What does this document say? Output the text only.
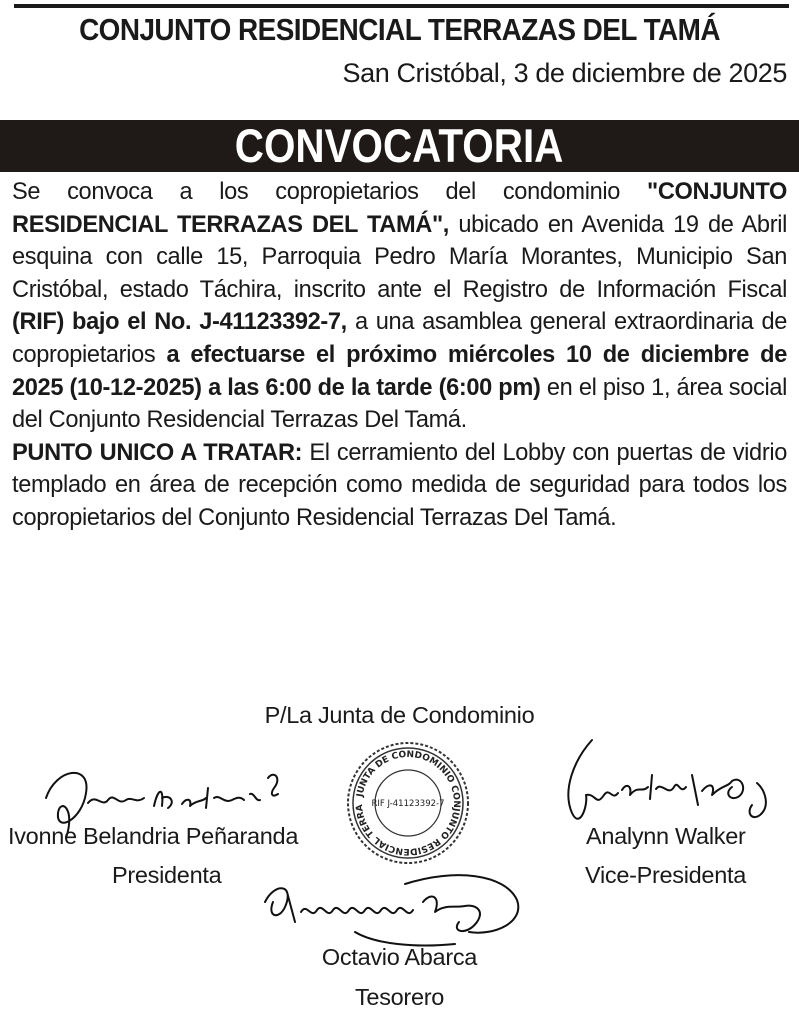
CONJUNTO RESIDENCIAL TERRAZAS DEL TAMÁ
San Cristóbal, 3 de diciembre de 2025
CONVOCATORIA

Se convoca a los copropietarios del condominio "CONJUNTO RESIDENCIAL TERRAZAS DEL TAMÁ", ubicado en Avenida 19 de Abril esquina con calle 15, Parroquia Pedro María Morantes, Municipio San Cristóbal, estado Táchira, inscrito ante el Registro de Información Fiscal (RIF) bajo el No. J-41123392-7, a una asamblea general extraordinaria de copropietarios a efectuarse el próximo miércoles 10 de diciembre de 2025 (10-12-2025) a las 6:00 de la tarde (6:00 pm) en el piso 1, área social del Conjunto Residencial Terrazas Del Tamá.

PUNTO UNICO A TRATAR: El cerramiento del Lobby con puertas de vidrio templado en área de recepción como medida de seguridad para todos los copropietarios del Conjunto Residencial Terrazas Del Tamá.

P/La Junta de Condominio
JUNTA DE CONDOMINIO CONJUNTO RESIDENCIAL TERRAZAS DEL TAMA
RIF J-41123392-7
Ivonne Belandria Peñaranda
Presidenta
Analynn Walker
Vice-Presidenta
Octavio Abarca
Tesorero
